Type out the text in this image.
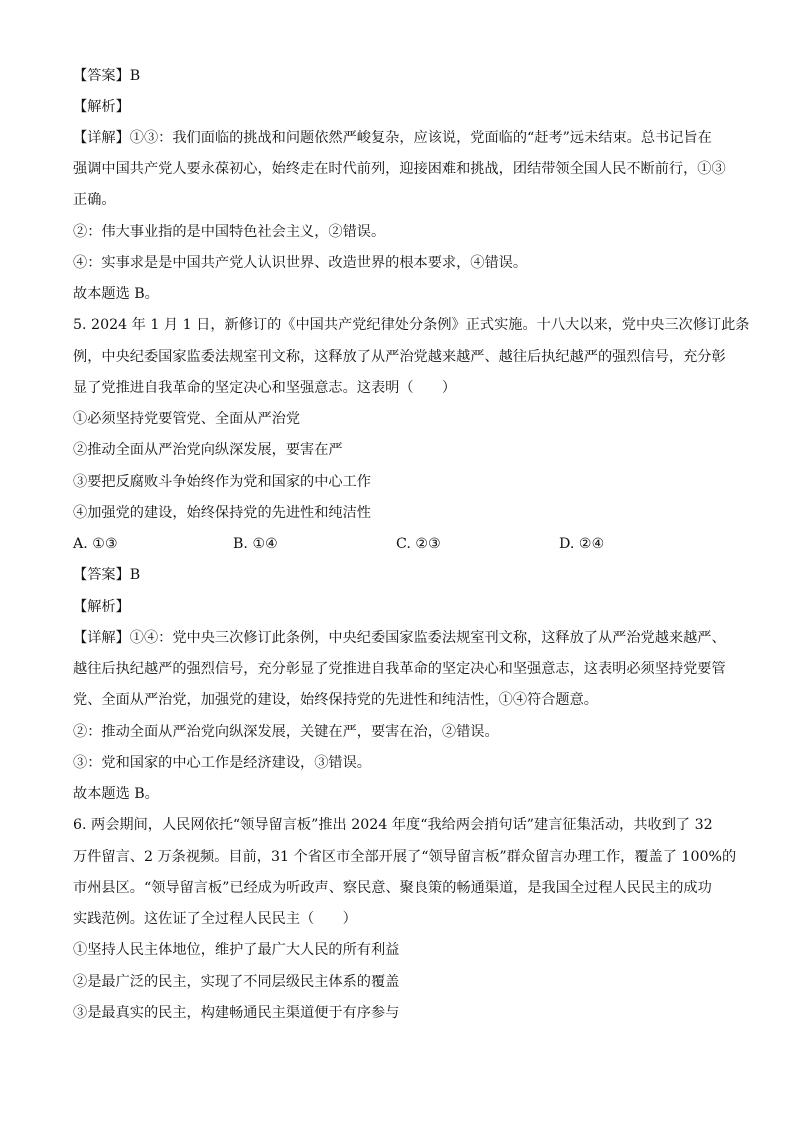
【答案】B
【解析】
【详解】①③：我们面临的挑战和问题依然严峻复杂，应该说，党面临的“赶考”远未结束。总书记旨在
强调中国共产党人要永葆初心，始终走在时代前列，迎接困难和挑战，团结带领全国人民不断前行，①③
正确。
②：伟大事业指的是中国特色社会主义，②错误。
④：实事求是是中国共产党人认识世界、改造世界的根本要求，④错误。
故本题选 B。
5. 2024 年 1 月 1 日，新修订的《中国共产党纪律处分条例》正式实施。十八大以来，党中央三次修订此条
例，中央纪委国家监委法规室刊文称，这释放了从严治党越来越严、越往后执纪越严的强烈信号，充分彰
显了党推进自我革命的坚定决心和坚强意志。这表明（　　）
①必须坚持党要管党、全面从严治党
②推动全面从严治党向纵深发展，要害在严
③要把反腐败斗争始终作为党和国家的中心工作
④加强党的建设，始终保持党的先进性和纯洁性
A. ①③	B. ①④	C. ②③	D. ②④
【答案】B
【解析】
【详解】①④：党中央三次修订此条例，中央纪委国家监委法规室刊文称，这释放了从严治党越来越严、
越往后执纪越严的强烈信号，充分彰显了党推进自我革命的坚定决心和坚强意志，这表明必须坚持党要管
党、全面从严治党，加强党的建设，始终保持党的先进性和纯洁性，①④符合题意。
②：推动全面从严治党向纵深发展，关键在严，要害在治，②错误。
③：党和国家的中心工作是经济建设，③错误。
故本题选 B。
6. 两会期间，人民网依托“领导留言板”推出 2024 年度“我给两会捎句话”建言征集活动，共收到了 32
万件留言、2 万条视频。目前，31 个省区市全部开展了“领导留言板”群众留言办理工作，覆盖了 100%的
市州县区。“领导留言板”已经成为听政声、察民意、聚良策的畅通渠道，是我国全过程人民民主的成功
实践范例。这佐证了全过程人民民主（　　）
①坚持人民主体地位，维护了最广大人民的所有利益
②是最广泛的民主，实现了不同层级民主体系的覆盖
③是最真实的民主，构建畅通民主渠道便于有序参与
